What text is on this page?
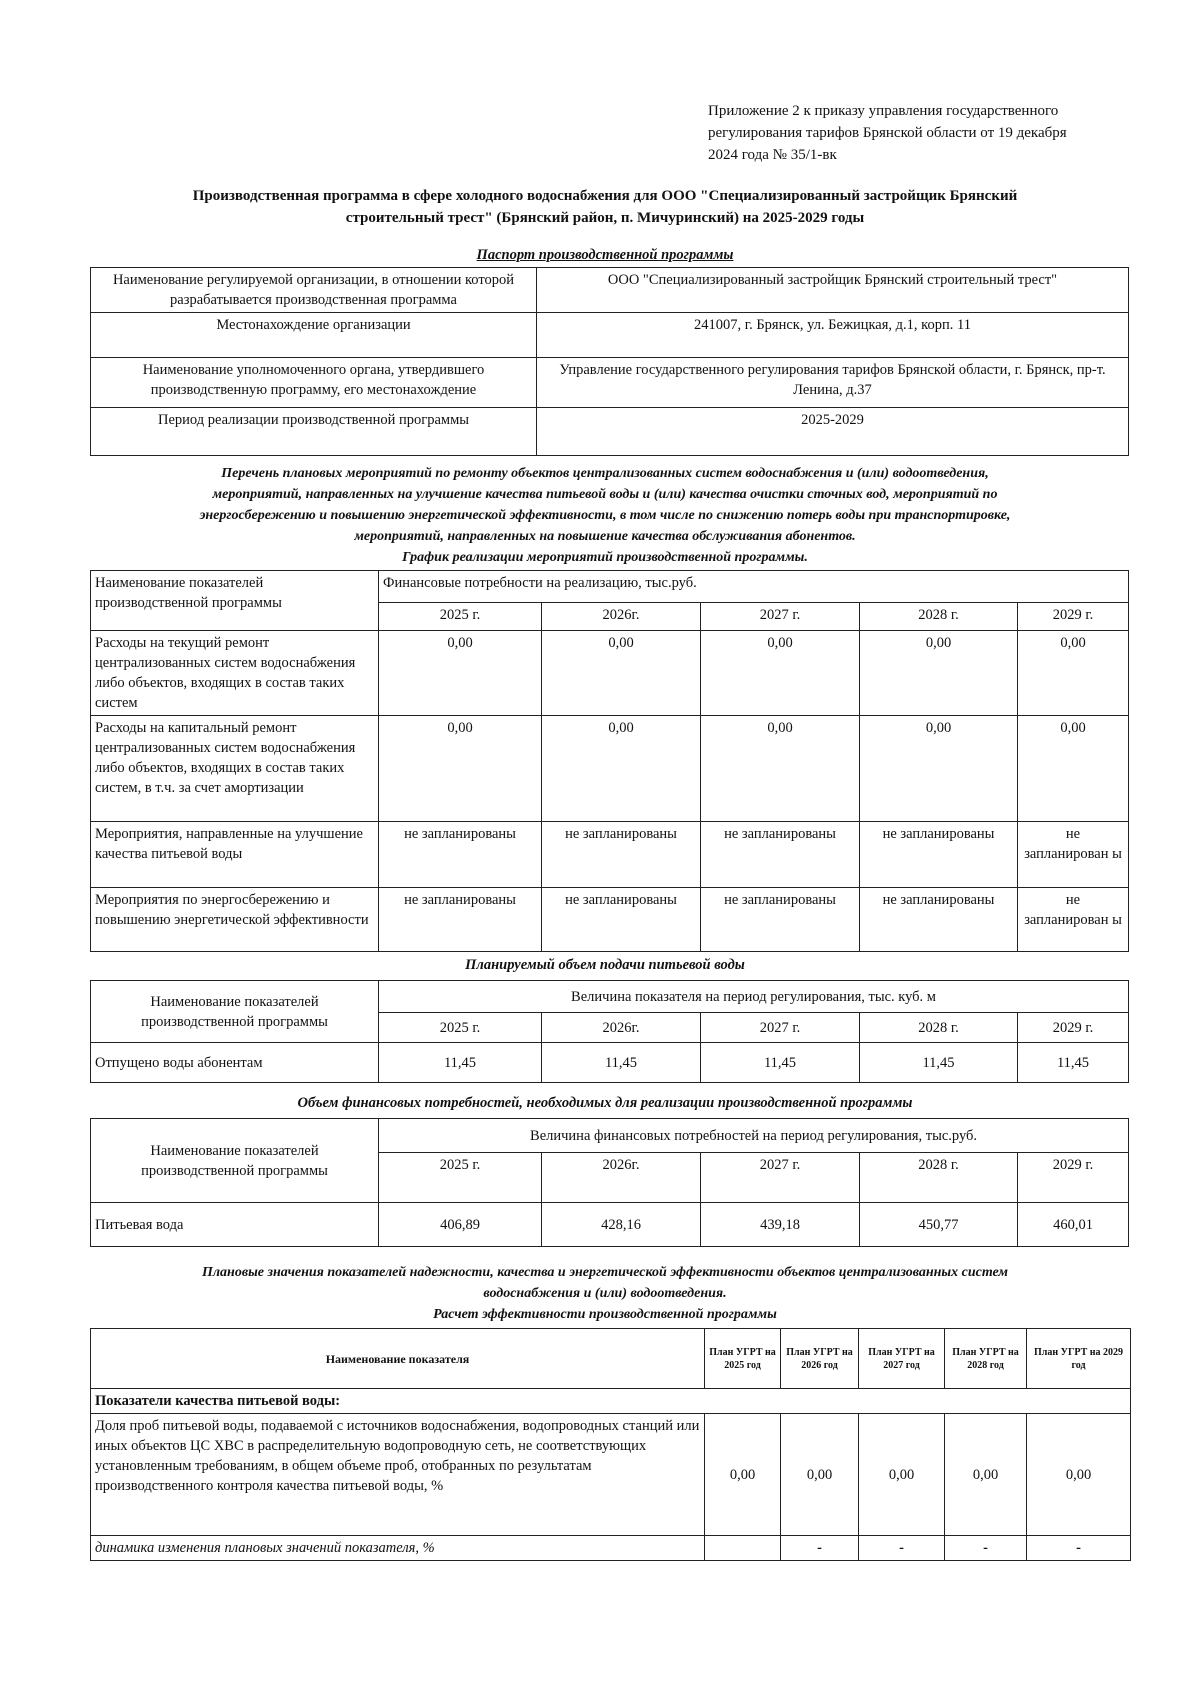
Приложение 2 к приказу управления государственного
регулирования тарифов Брянской области от 19 декабря
2024 года № 35/1-вк
Производственная программа в сфере холодного водоснабжения для ООО "Специализированный застройщик Брянский
строительный трест" (Брянский район, п. Мичуринский) на 2025-2029 годы
Паспорт производственной программы
Наименование регулируемой организации, в отношении которой разрабатывается производственная программа	ООО "Специализированный застройщик Брянский строительный трест"
Местонахождение организации	241007, г. Брянск, ул. Бежицкая, д.1, корп. 11
Наименование уполномоченного органа, утвердившего производственную программу, его местонахождение	Управление государственного регулирования тарифов Брянской области, г. Брянск, пр-т. Ленина, д.37
Период реализации производственной программы	2025-2029
Перечень плановых мероприятий по ремонту объектов централизованных систем водоснабжения и (или) водоотведения,
мероприятий, направленных на улучшение качества питьевой воды и (или) качества очистки сточных вод, мероприятий по
энергосбережению и повышению энергетической эффективности, в том числе по снижению потерь воды при транспортировке,
мероприятий, направленных на повышение качества обслуживания абонентов.
График реализации мероприятий производственной программы.
Наименование показателей производственной программы	Финансовые потребности на реализацию, тыс.руб.				
	2025 г.	2026г.	2027 г.	2028 г.	2029 г.
Расходы на текущий ремонт централизованных систем водоснабжения либо объектов, входящих в состав таких систем	0,00	0,00	0,00	0,00	0,00
Расходы на капитальный ремонт централизованных систем водоснабжения либо объектов, входящих в состав таких систем, в т.ч. за счет амортизации	0,00	0,00	0,00	0,00	0,00
Мероприятия, направленные на улучшение качества питьевой воды	не запланированы	не запланированы	не запланированы	не запланированы	не запланирован ы
Мероприятия по энергосбережению и повышению энергетической эффективности	не запланированы	не запланированы	не запланированы	не запланированы	не запланирован ы
Планируемый объем подачи питьевой воды
Наименование показателей производственной программы	Величина показателя на период регулирования, тыс. куб. м				
	2025 г.	2026г.	2027 г.	2028 г.	2029 г.
Отпущено воды абонентам	11,45	11,45	11,45	11,45	11,45
Объем финансовых потребностей, необходимых для реализации производственной программы
Наименование показателей производственной программы	Величина финансовых потребностей на период регулирования, тыс.руб.				
	2025 г.	2026г.	2027 г.	2028 г.	2029 г.
Питьевая вода	406,89	428,16	439,18	450,77	460,01
Плановые значения показателей надежности, качества и энергетической эффективности объектов централизованных систем
водоснабжения и (или) водоотведения.
Расчет эффективности производственной программы
Наименование показателя	План УГРТ на 2025 год	План УГРТ на 2026 год	План УГРТ на 2027 год	План УГРТ на 2028 год	План УГРТ на 2029 год
Показатели качества питьевой воды:					
Доля проб питьевой воды, подаваемой с источников водоснабжения, водопроводных станций или иных объектов ЦС ХВС в распределительную водопроводную сеть, не соответствующих установленным требованиям, в общем объеме проб, отобранных по результатам производственного контроля качества питьевой воды, %	0,00	0,00	0,00	0,00	0,00
динамика изменения плановых значений показателя, %		-	-	-	-
